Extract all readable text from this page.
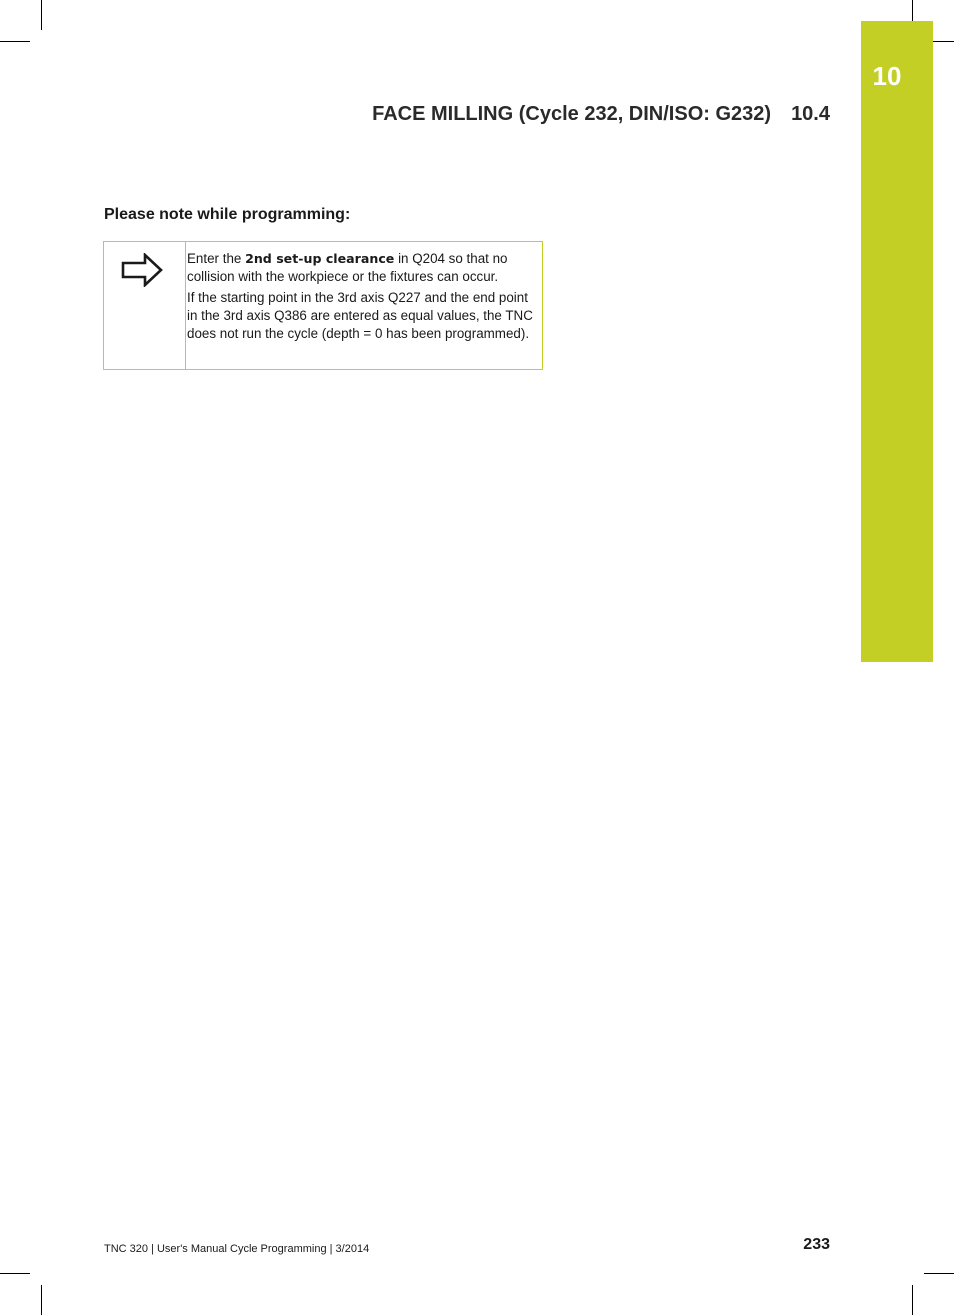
10
FACE MILLING (Cycle 232, DIN/ISO: G232) 10.4
Please note while programming:

Enter the 2nd set-up clearance in Q204 so that no collision with the workpiece or the fixtures can occur.

If the starting point in the 3rd axis Q227 and the end point in the 3rd axis Q386 are entered as equal values, the TNC does not run the cycle (depth = 0 has been programmed).

TNC 320 | User's Manual Cycle Programming | 3/2014	233
